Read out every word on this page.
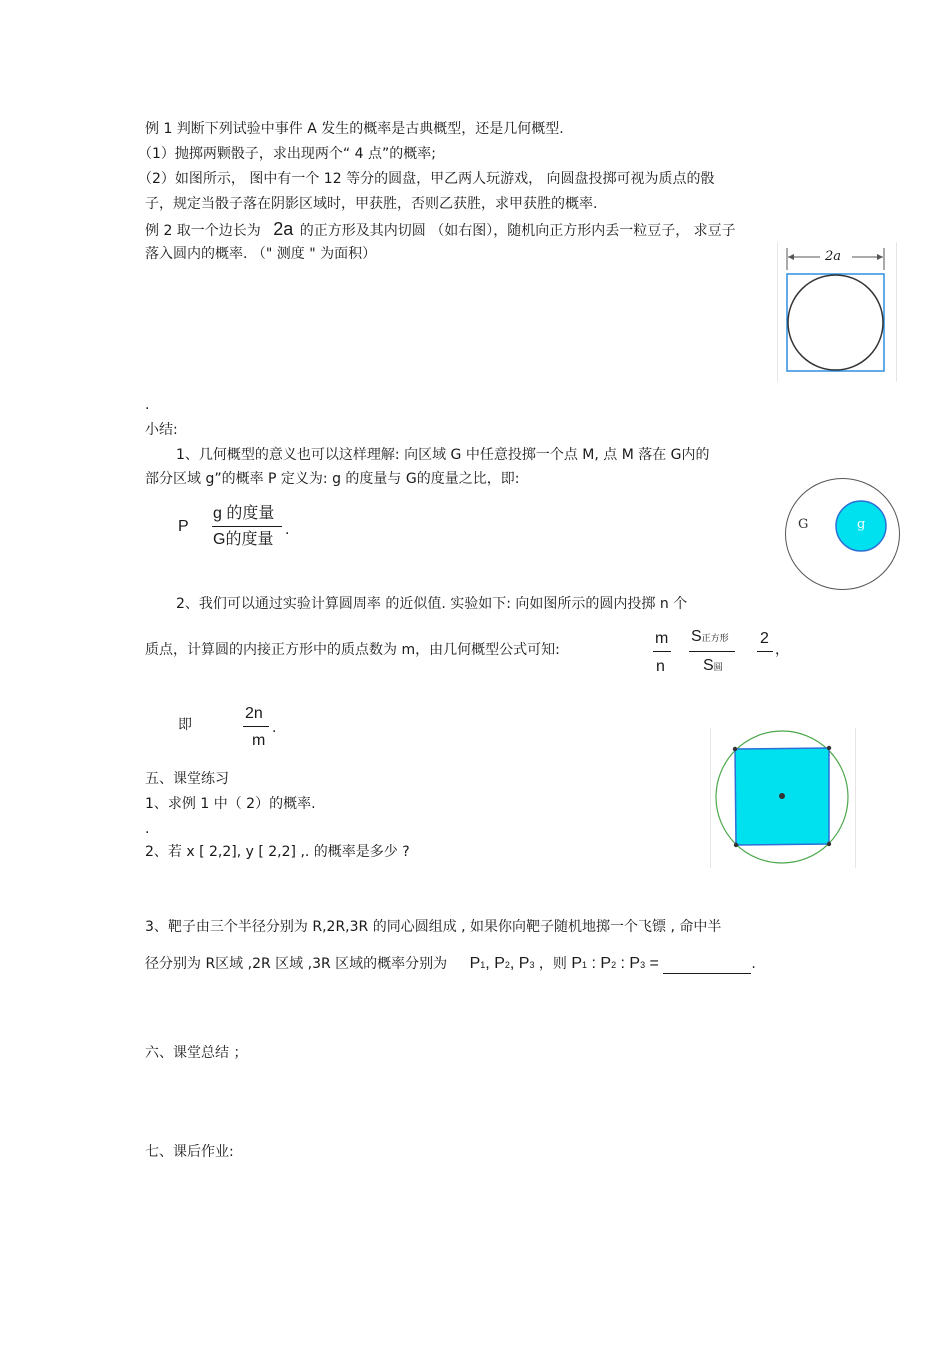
例 1 判断下列试验中事件 A 发生的概率是古典概型，还是几何概型.
（1）抛掷两颗骰子，求出现两个“ 4 点”的概率;
（2）如图所示， 图中有一个 12 等分的圆盘，甲乙两人玩游戏， 向圆盘投掷可视为质点的骰
子，规定当骰子落在阴影区域时，甲获胜，否则乙获胜，求甲获胜的概率.
例 2 取一个边长为 2a 的正方形及其内切圆 （如右图），随机向正方形内丢一粒豆子， 求豆子
落入圆内的概率. （" 测度 " 为面积）	2a
.
小结:
1、几何概型的意义也可以这样理解: 向区域 G 中任意投掷一个点 M, 点 M 落在 G内的
部分区域 g”的概率 P 定义为: g 的度量与 G的度量之比，即:
P
g 的度量
G的度量
.	G	g
2、我们可以通过实验计算圆周率 的近似值. 实验如下: 向如图所示的圆内投掷 n 个
质点，计算圆的内接正方形中的质点数为 m，由几何概型公式可知:
m
n
S正方形
S圆
2
，
即
2n
m
.
五、课堂练习
1、求例 1 中（ 2）的概率.
.
2、若 x [ 2,2], y [ 2,2] ,. 的概率是多少 ?
3、靶子由三个半径分别为 R,2R,3R 的同心圆组成 , 如果你向靶子随机地掷一个飞镖 , 命中半
径分别为 R区域 ,2R 区域 ,3R 区域的概率分别为 P1, P2, P3 ，则 P1 : P2 : P3 =	.
六、课堂总结 ；
七、课后作业:
